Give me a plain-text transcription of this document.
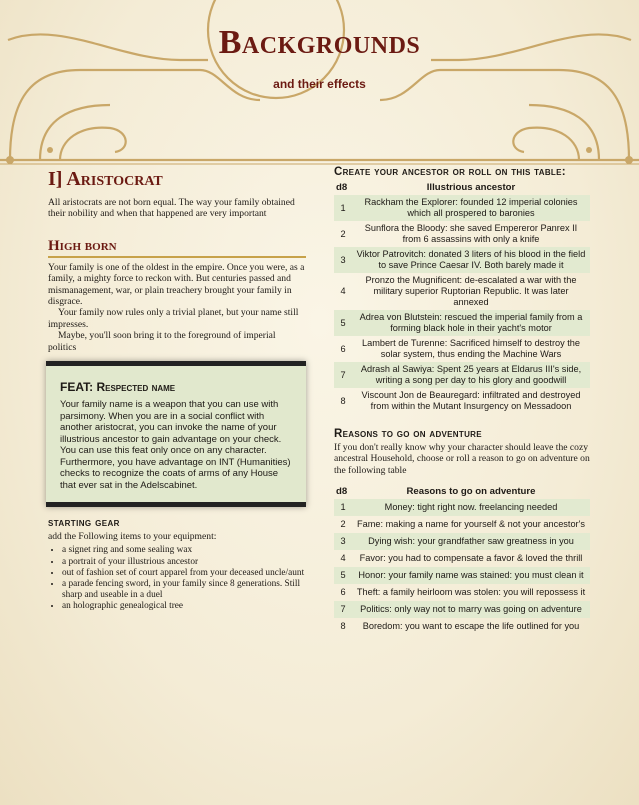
Backgrounds
and their effects
I] Aristocrat

All aristocrats are not born equal. The way your family obtained their nobility and when that happened are very important

High born

Your family is one of the oldest in the empire. Once you were, as a family, a mighty force to reckon with. But centuries passed and mismanagement, war, or plain treachery brought your family in disgrace.

Your family now rules only a trivial planet, but your name still impresses.

Maybe, you'll soon bring it to the foreground of imperial politics

FEAT: Respected name

Your family name is a weapon that you can use with parsimony. When you are in a social conflict with another aristocrat, you can invoke the name of your illustrious ancestor to gain advantage on your check. You can use this feat only once on any character. Furthermore, you have advantage on INT (Humanities) checks to recognize the coats of arms of any House that ever sat in the Adelscabinet.

starting gear

add the Following items to your equipment:

• a signet ring and some sealing wax
• a portrait of your illustrious ancestor
• out of fashion set of court apparel from your deceased uncle/aunt
• a parade fencing sword, in your family since 8 generations. Still sharp and useable in a duel
• an holographic genealogical tree
Create your ancestor or roll on this table:
d8	Illustrious ancestor
1	Rackham the Explorer: founded 12 imperial colonies which all prospered to baronies
2	Sunflora the Bloody: she saved Empereror Panrex II from 6 assassins with only a knife
3	Viktor Patrovitch: donated 3 liters of his blood in the field to save Prince Caesar IV. Both barely made it
4	Pronzo the Mugnificent: de-escalated a war with the military superior Ruptorian Republic. It was later annexed
5	Adrea von Blutstein: rescued the imperial family from a forming black hole in their yacht's motor
6	Lambert de Turenne: Sacrificed himself to destroy the solar system, thus ending the Machine Wars
7	Adrash al Sawiya: Spent 25 years at Eldarus III's side, writing a song per day to his glory and goodwill
8	Viscount Jon de Beauregard: infiltrated and destroyed from within the Mutant Insurgency on Messadoon
Reasons to go on adventure

If you don't really know why your character should leave the cozy ancestral Household, choose or roll a reason to go on adventure on the following table

d8	Reasons to go on adventure
1	Money: tight right now. freelancing needed
2	Fame: making a name for yourself & not your ancestor's
3	Dying wish: your grandfather saw greatness in you
4	Favor: you had to compensate a favor & loved the thrill
5	Honor: your family name was stained: you must clean it
6	Theft: a family heirloom was stolen: you will repossess it
7	Politics: only way not to marry was going on adventure
8	Boredom: you want to escape the life outlined for you
